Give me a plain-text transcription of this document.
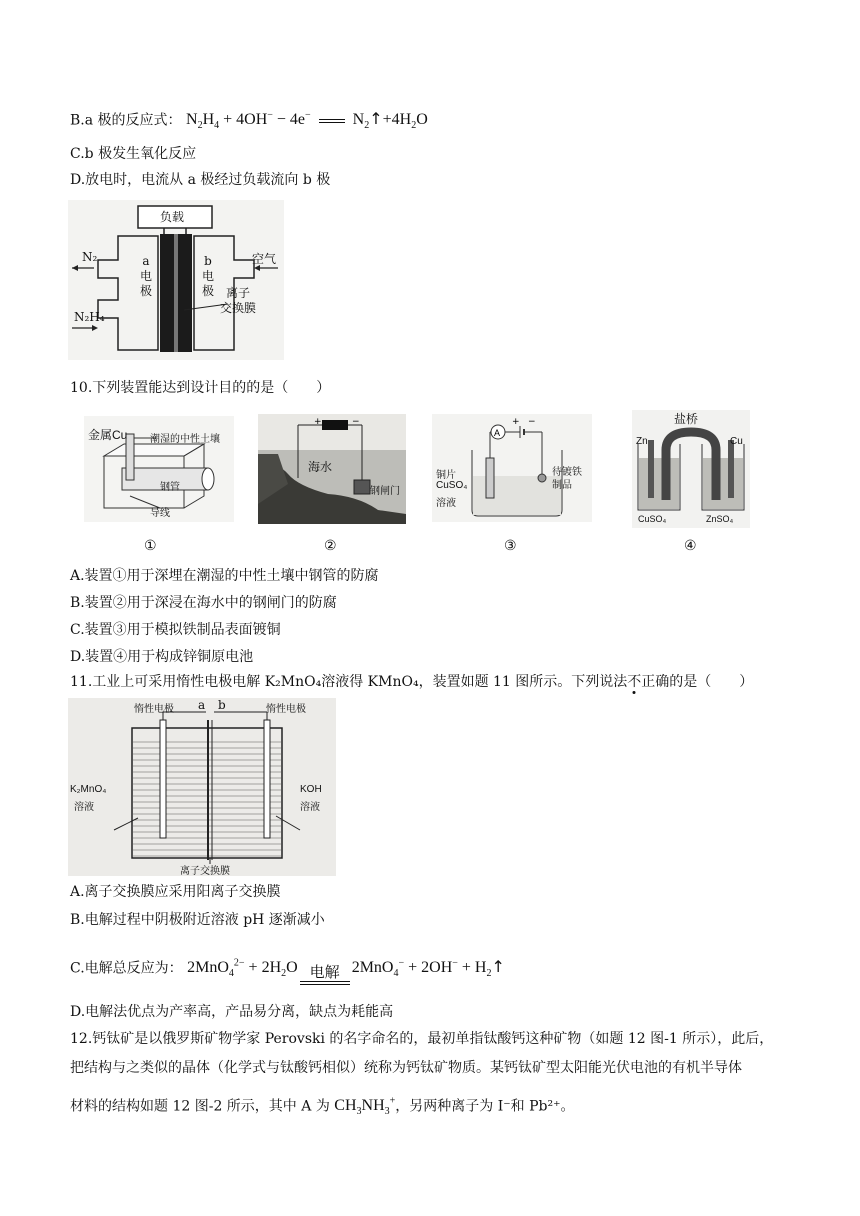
B.a 极的反应式： $N_2H_4 + 4OH^- - 4e^-$  $N_2↑+4H_2O$
C.b 极发生氧化反应
D.放电时，电流从 a 极经过负载流向 b 极
负载
N₂
N₂H₄
空气
a
电
极
b
电
极	离子
交换膜
10.下列装置能达到设计目的的是（　　）
金属Cu 潮湿的中性土壤
钢管
导线
+	−
海水
钢闸门
A
+ −
铜片
CuSO₄
溶液
待镀铁
制品
盐桥
Zn	Cu
CuSO₄	ZnSO₄
①	②	③	④
A.装置①用于深埋在潮湿的中性土壤中钢管的防腐
B.装置②用于深浸在海水中的钢闸门的防腐
C.装置③用于模拟铁制品表面镀铜
D.装置④用于构成锌铜原电池
11.工业上可采用惰性电极电解 K₂MnO₄溶液得 KMnO₄，装置如题 11 图所示。下列说法不正确的是（　　）
惰性电极	惰性电极
a b
K₂MnO₄
溶液
KOH
溶液
离子交换膜
A.离子交换膜应采用阳离子交换膜
B.电解过程中阴极附近溶液 pH 逐渐减小
C.电解总反应为： $2MnO_4^{2-} + 2H_2O$ 电解 $2MnO_4^- + 2OH^- + H_2↑$
D.电解法优点为产率高，产品易分离，缺点为耗能高
12.钙钛矿是以俄罗斯矿物学家 Perovski 的名字命名的，最初单指钛酸钙这种矿物（如题 12 图-1 所示），此后，
把结构与之类似的晶体（化学式与钛酸钙相似）统称为钙钛矿物质。某钙钛矿型太阳能光伏电池的有机半导体
材料的结构如题 12 图-2 所示，其中 A 为 $CH_3NH_3^+$，另两种离子为 I⁻和 Pb²⁺。
